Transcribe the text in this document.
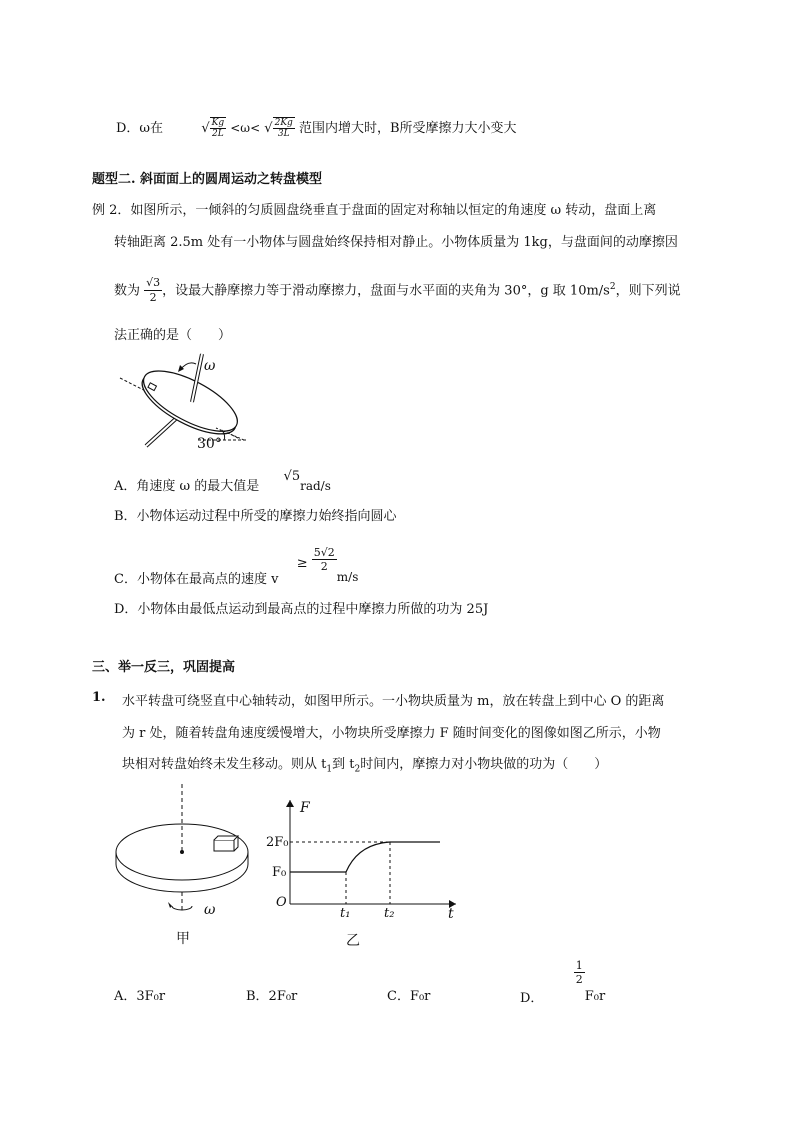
D．ω在	√ $\frac{Kg}{2L} <\omega<$ √ $\frac{2Kg}{3L}$ 范围内增大时，B所受摩擦力大小变大
题型二. 斜面面上的圆周运动之转盘模型
例 2．如图所示，一倾斜的匀质圆盘绕垂直于盘面的固定对称轴以恒定的角速度 ω 转动，盘面上离
转轴距离 2.5m 处有一小物体与圆盘始终保持相对静止。小物体质量为 1kg，与盘面间的动摩擦因
数为 $\frac{√3}{2}$ ，设最大静摩擦力等于滑动摩擦力，盘面与水平面的夹角为 30°，g 取 $10m/s^2$，则下列说
法正确的是（　　）
ω
30°
A．角速度 ω 的最大值是  √5rad/s
B．小物体运动过程中所受的摩擦力始终指向圆心
C．小物体在最高点的速度 $v \ge \frac{5√2}{2}$
m/s
D．小物体由最低点运动到最高点的过程中摩擦力所做的功为 25J
三、举一反三，巩固提高
1. 水平转盘可绕竖直中心轴转动，如图甲所示。一小物块质量为 m，放在转盘上到中心 O 的距离
为 r 处，随着转盘角速度缓慢增大，小物块所受摩擦力 F 随时间变化的图像如图乙所示，小物
块相对转盘始终未发生移动。则从 $t_1$到 $t_2$时间内，摩擦力对小物块做的功为（　　）
ω
甲
F
2F₀
F₀
O
t₁	t₂	t
乙
A．3F₀r	B．2F₀r	C．F₀r	D．
$\frac{1}{2}$
F₀r
